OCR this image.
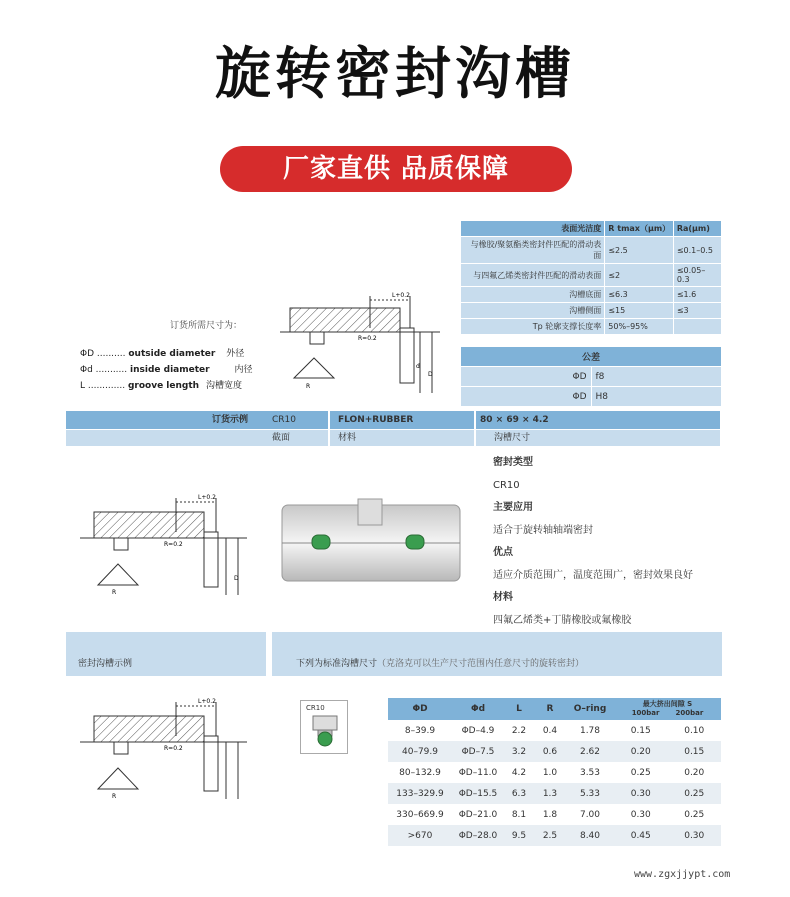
旋转密封沟槽
厂家直供 品质保障
表面光洁度	R tmax（μm）	Ra(μm)
与橡胶/聚氨酯类密封件匹配的滑动表面	≤2.5	≤0.1–0.5
与四氟乙烯类密封件匹配的滑动表面	≤2	≤0.05–0.3
沟槽底面	≤6.3	≤1.6
沟槽侧面	≤15	≤3
Tp 轮廓支撑长度率	50%–95%	
公差	
ΦD	f8
ΦD	H8
L+0.2
R=0.2
d
D
R
订货所需尺寸为：
ΦD .......... outside diameter 外径
Φd ........... inside diameter	内径
L ............. groove length 沟槽宽度
订货示例	CR10	FLON+RUBBER	80 × 69 × 4.2
截面	材料	沟槽尺寸
L+0.2
R=0.2
D
R
密封类型
CR10
主要应用
适合于旋转轴轴端密封
优点
适应介质范围广，温度范围广，密封效果良好
材料
四氟乙烯类+丁腈橡胶或氟橡胶
密封沟槽示例	下列为标准沟槽尺寸（克洛克可以生产尺寸范围内任意尺寸的旋转密封）
L+0.2
R=0.2
R
CR10	ΦD	Φd	L	R	O–ring	最大挤出间隙 S
100bar 200bar	

8–39.9	ΦD–4.9	2.2	0.4	1.78	0.15	0.10
40–79.9	ΦD–7.5	3.2	0.6	2.62	0.20	0.15
80–132.9	ΦD–11.0	4.2	1.0	3.53	0.25	0.20
133–329.9	ΦD–15.5	6.3	1.3	5.33	0.30	0.25
330–669.9	ΦD–21.0	8.1	1.8	7.00	0.30	0.25
>670	ΦD–28.0	9.5	2.5	8.40	0.45	0.30
www.zgxjjypt.com
